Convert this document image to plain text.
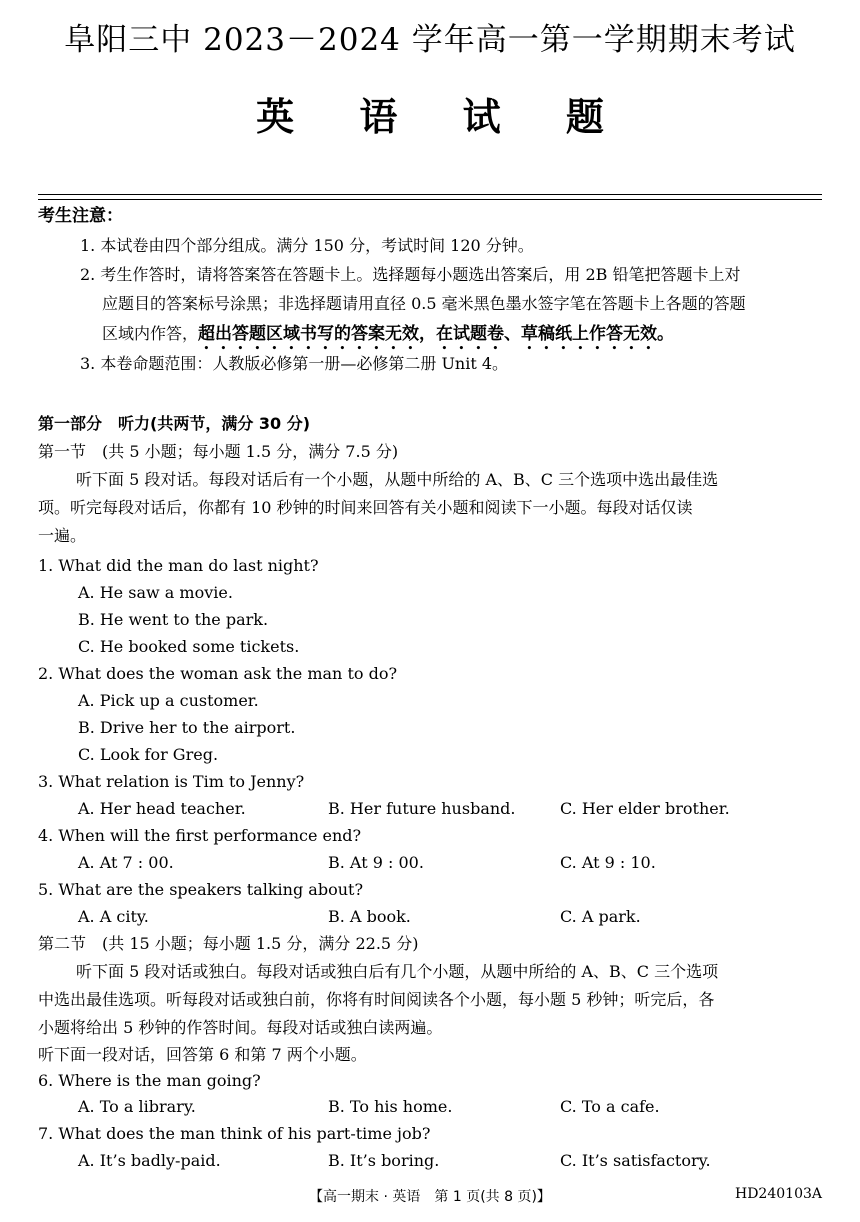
阜阳三中 2023－2024 学年高一第一学期期末考试
英 语 试 题
考生注意：
1. 本试卷由四个部分组成。满分 150 分，考试时间 120 分钟。
2. 考生作答时，请将答案答在答题卡上。选择题每小题选出答案后，用 2B 铅笔把答题卡上对
应题目的答案标号涂黑；非选择题请用直径 0.5 毫米黑色墨水签字笔在答题卡上各题的答题
区域内作答，超出答题区域书写的答案无效，在试题卷、草稿纸上作答无效。
3. 本卷命题范围：人教版必修第一册—必修第二册 Unit 4。
第一部分　听力(共两节，满分 30 分)
第一节　(共 5 小题；每小题 1.5 分，满分 7.5 分)
听下面 5 段对话。每段对话后有一个小题，从题中所给的 A、B、C 三个选项中选出最佳选
项。听完每段对话后，你都有 10 秒钟的时间来回答有关小题和阅读下一小题。每段对话仅读
一遍。
1. What did the man do last night?
A. He saw a movie.
B. He went to the park.
C. He booked some tickets.
2. What does the woman ask the man to do?
A. Pick up a customer.
B. Drive her to the airport.
C. Look for Greg.
3. What relation is Tim to Jenny?
A. Her head teacher.	B. Her future husband.	C. Her elder brother.
4. When will the first performance end?
A. At 7 : 00.	B. At 9 : 00.	C. At 9 : 10.
5. What are the speakers talking about?
A. A city.	B. A book.	C. A park.
第二节　(共 15 小题；每小题 1.5 分，满分 22.5 分)
听下面 5 段对话或独白。每段对话或独白后有几个小题，从题中所给的 A、B、C 三个选项
中选出最佳选项。听每段对话或独白前，你将有时间阅读各个小题，每小题 5 秒钟；听完后，各
小题将给出 5 秒钟的作答时间。每段对话或独白读两遍。
听下面一段对话，回答第 6 和第 7 两个小题。
6. Where is the man going?
A. To a library.	B. To his home.	C. To a cafe.
7. What does the man think of his part-time job?
A. It’s badly-paid.	B. It’s boring.	C. It’s satisfactory.
【高一期末 · 英语　第 1 页(共 8 页)】	HD240103A
